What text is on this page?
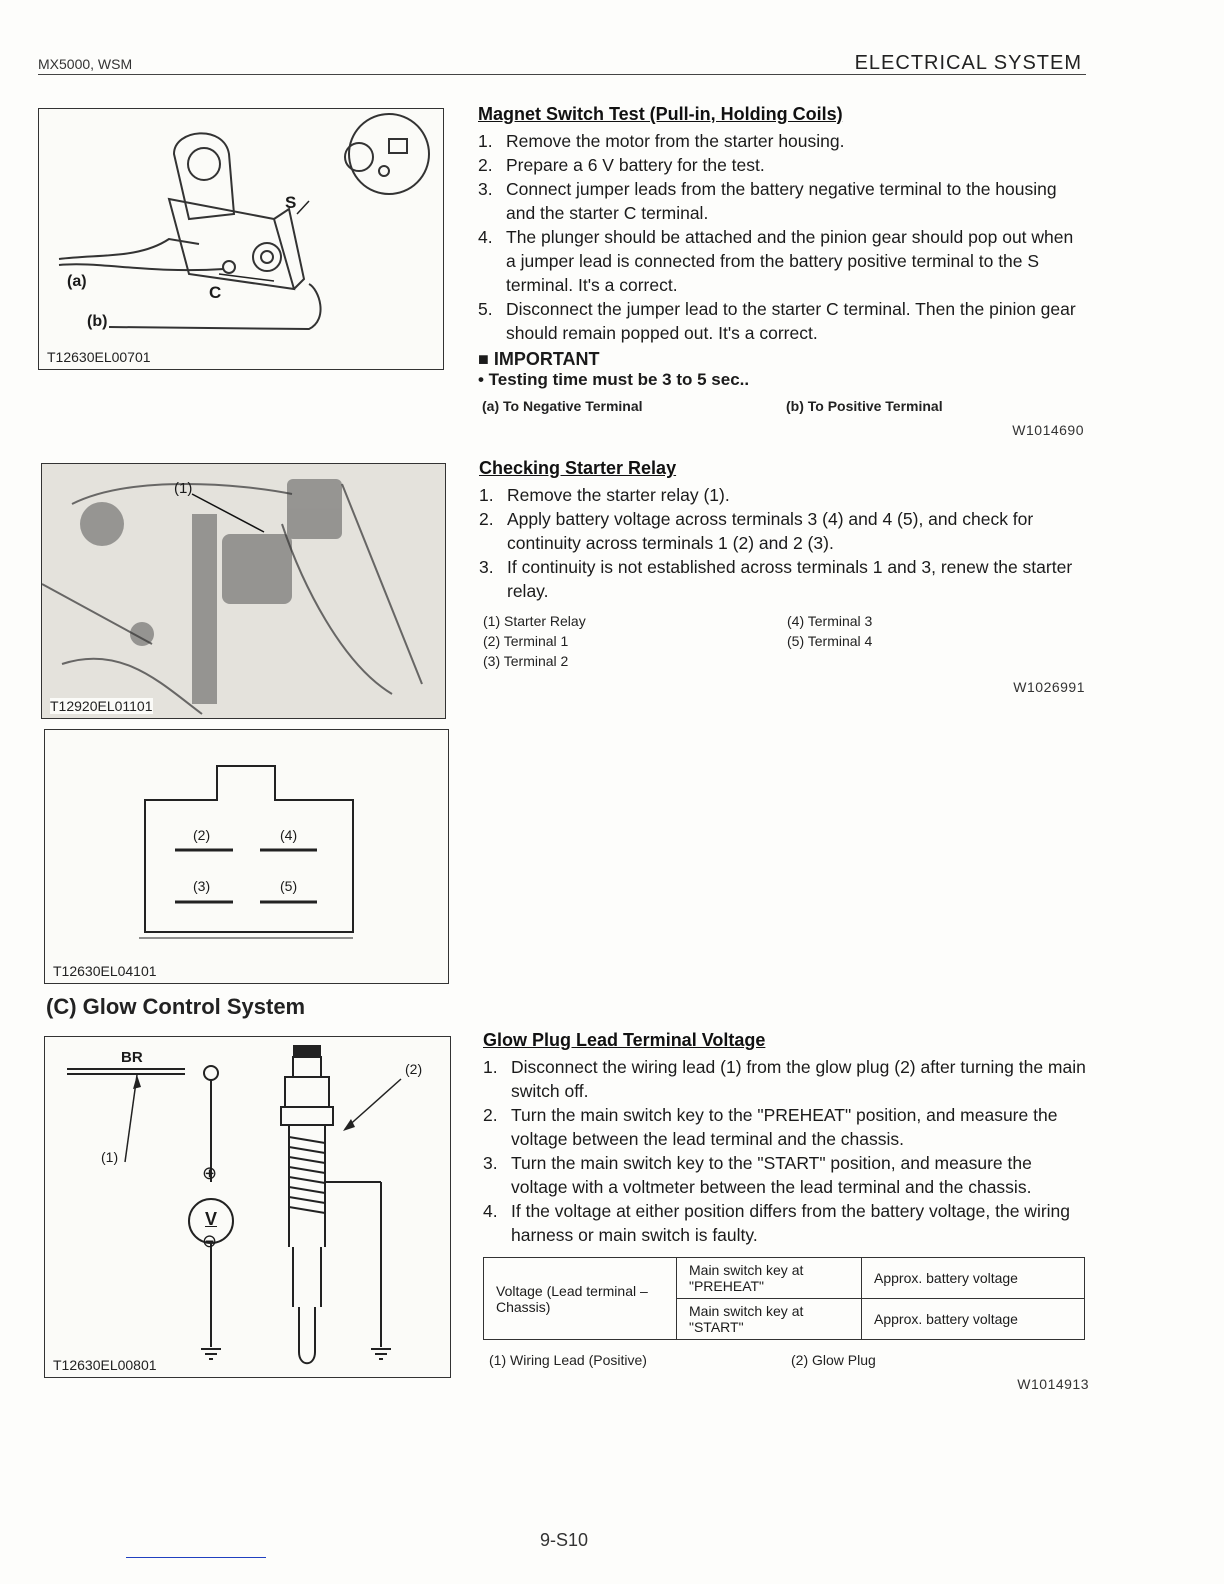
MX5000, WSM	ELECTRICAL SYSTEM
(a)
(b)
S
C
T12630EL00701
Magnet Switch Test (Pull-in, Holding Coils)
1. Remove the motor from the starter housing.
2. Prepare a 6 V battery for the test.
3. Connect jumper leads from the battery negative terminal to the housing and the starter C terminal.
4. The plunger should be attached and the pinion gear should pop out when a jumper lead is connected from the battery positive terminal to the S terminal. It's a correct.
5. Disconnect the jumper lead to the starter C terminal. Then the pinion gear should remain popped out. It's a correct.
■ IMPORTANT
• Testing time must be 3 to 5 sec..
(a) To Negative Terminal	(b) To Positive Terminal
W1014690
(1)
T12920EL01101
Checking Starter Relay
1. Remove the starter relay (1).
2. Apply battery voltage across terminals 3 (4) and 4 (5), and check for continuity across terminals 1 (2) and 2 (3).
3. If continuity is not established across terminals 1 and 3, renew the starter relay.
(1) Starter Relay
(2) Terminal 1
(3) Terminal 2
(4) Terminal 3
(5) Terminal 4
W1026991
(2)	(4)
(3)	(5)
T12630EL04101
(C) Glow Control System
BR
(1)
(2)
⊕
V
⊖
T12630EL00801
Glow Plug Lead Terminal Voltage
1. Disconnect the wiring lead (1) from the glow plug (2) after turning the main switch off.
2. Turn the main switch key to the "PREHEAT" position, and measure the voltage between the lead terminal and the chassis.
3. Turn the main switch key to the "START" position, and measure the voltage with a voltmeter between the lead terminal and the chassis.
4. If the voltage at either position differs from the battery voltage, the wiring harness or main switch is faulty.
Voltage (Lead terminal – Chassis)	Main switch key at "PREHEAT"	Approx. battery voltage
	Main switch key at "START"	Approx. battery voltage
(1) Wiring Lead (Positive)	(2) Glow Plug
W1014913
9-S10
